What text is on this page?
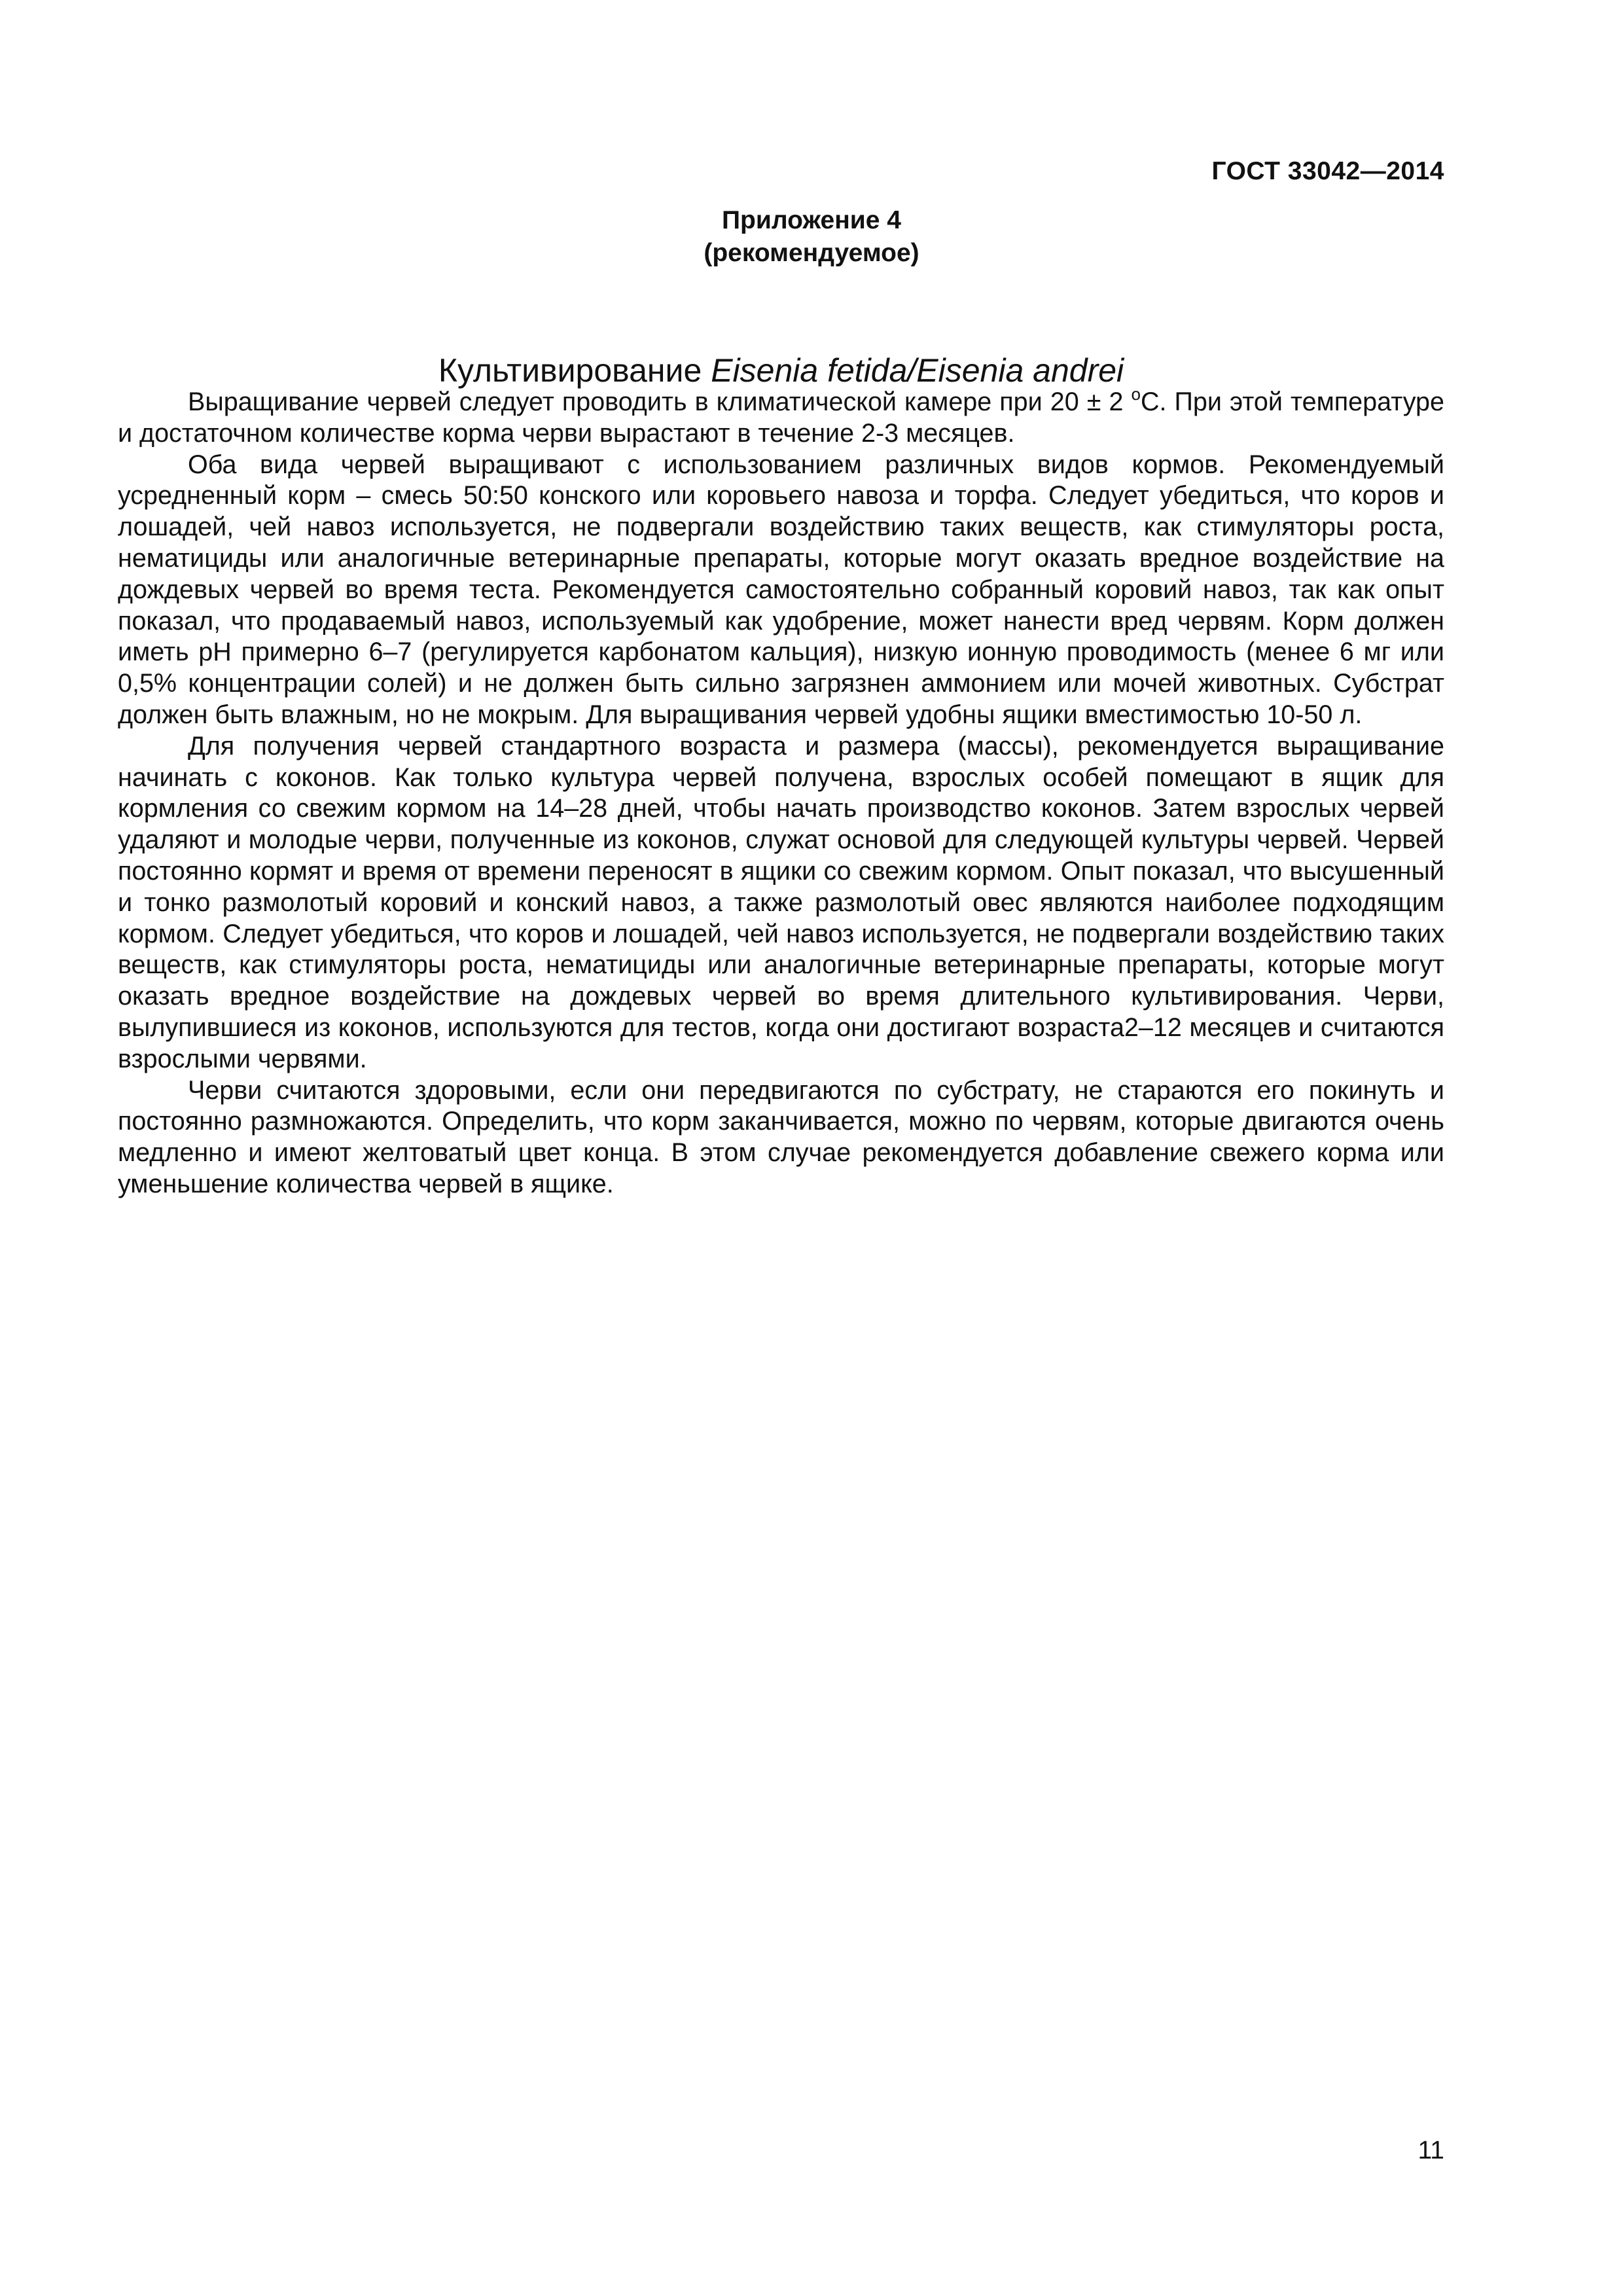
ГОСТ 33042—2014
Приложение 4
(рекомендуемое)
Культивирование Eisenia fetida/Eisenia andrei

Выращивание червей следует проводить в климатической камере при 20 ± 2 $^o$С. При этой температуре и достаточном количестве корма черви вырастают в течение 2-3 месяцев.

Оба вида червей выращивают с использованием различных видов кормов. Рекомендуемый усредненный корм – смесь 50:50 конского или коровьего навоза и торфа. Следует убедиться, что коров и лошадей, чей навоз используется, не подвергали воздействию таких веществ, как стимуляторы роста, нематициды или аналогичные ветеринарные препараты, которые могут оказать вредное воздействие на дождевых червей во время теста. Рекомендуется самостоятельно собранный коровий навоз, так как опыт показал, что продаваемый навоз, используемый как удобрение, может нанести вред червям. Корм должен иметь pH примерно 6–7 (регулируется карбонатом кальция), низкую ионную проводимость (менее 6 мг или 0,5% концентрации солей) и не должен быть сильно загрязнен аммонием или мочей животных. Субстрат должен быть влажным, но не мокрым. Для выращивания червей удобны ящики вместимостью 10-50 л.

Для получения червей стандартного возраста и размера (массы), рекомендуется выращивание начинать с коконов. Как только культура червей получена, взрослых особей помещают в ящик для кормления со свежим кормом на 14–28 дней, чтобы начать производство коконов. Затем взрослых червей удаляют и молодые черви, полученные из коконов, служат основой для следующей культуры червей. Червей постоянно кормят и время от времени переносят в ящики со свежим кормом. Опыт показал, что высушенный и тонко размолотый коровий и конский навоз, а также размолотый овес являются наиболее подходящим кормом. Следует убедиться, что коров и лошадей, чей навоз используется, не подвергали воздействию таких веществ, как стимуляторы роста, нематициды или аналогичные ветеринарные препараты, которые могут оказать вредное воздействие на дождевых червей во время длительного культивирования. Черви, вылупившиеся из коконов, используются для тестов, когда они достигают возраста2–12 месяцев и считаются взрослыми червями.

Черви считаются здоровыми, если они передвигаются по субстрату, не стараются его покинуть и постоянно размножаются. Определить, что корм заканчивается, можно по червям, которые двигаются очень медленно и имеют желтоватый цвет конца. В этом случае рекомендуется добавление свежего корма или уменьшение количества червей в ящике.

11
